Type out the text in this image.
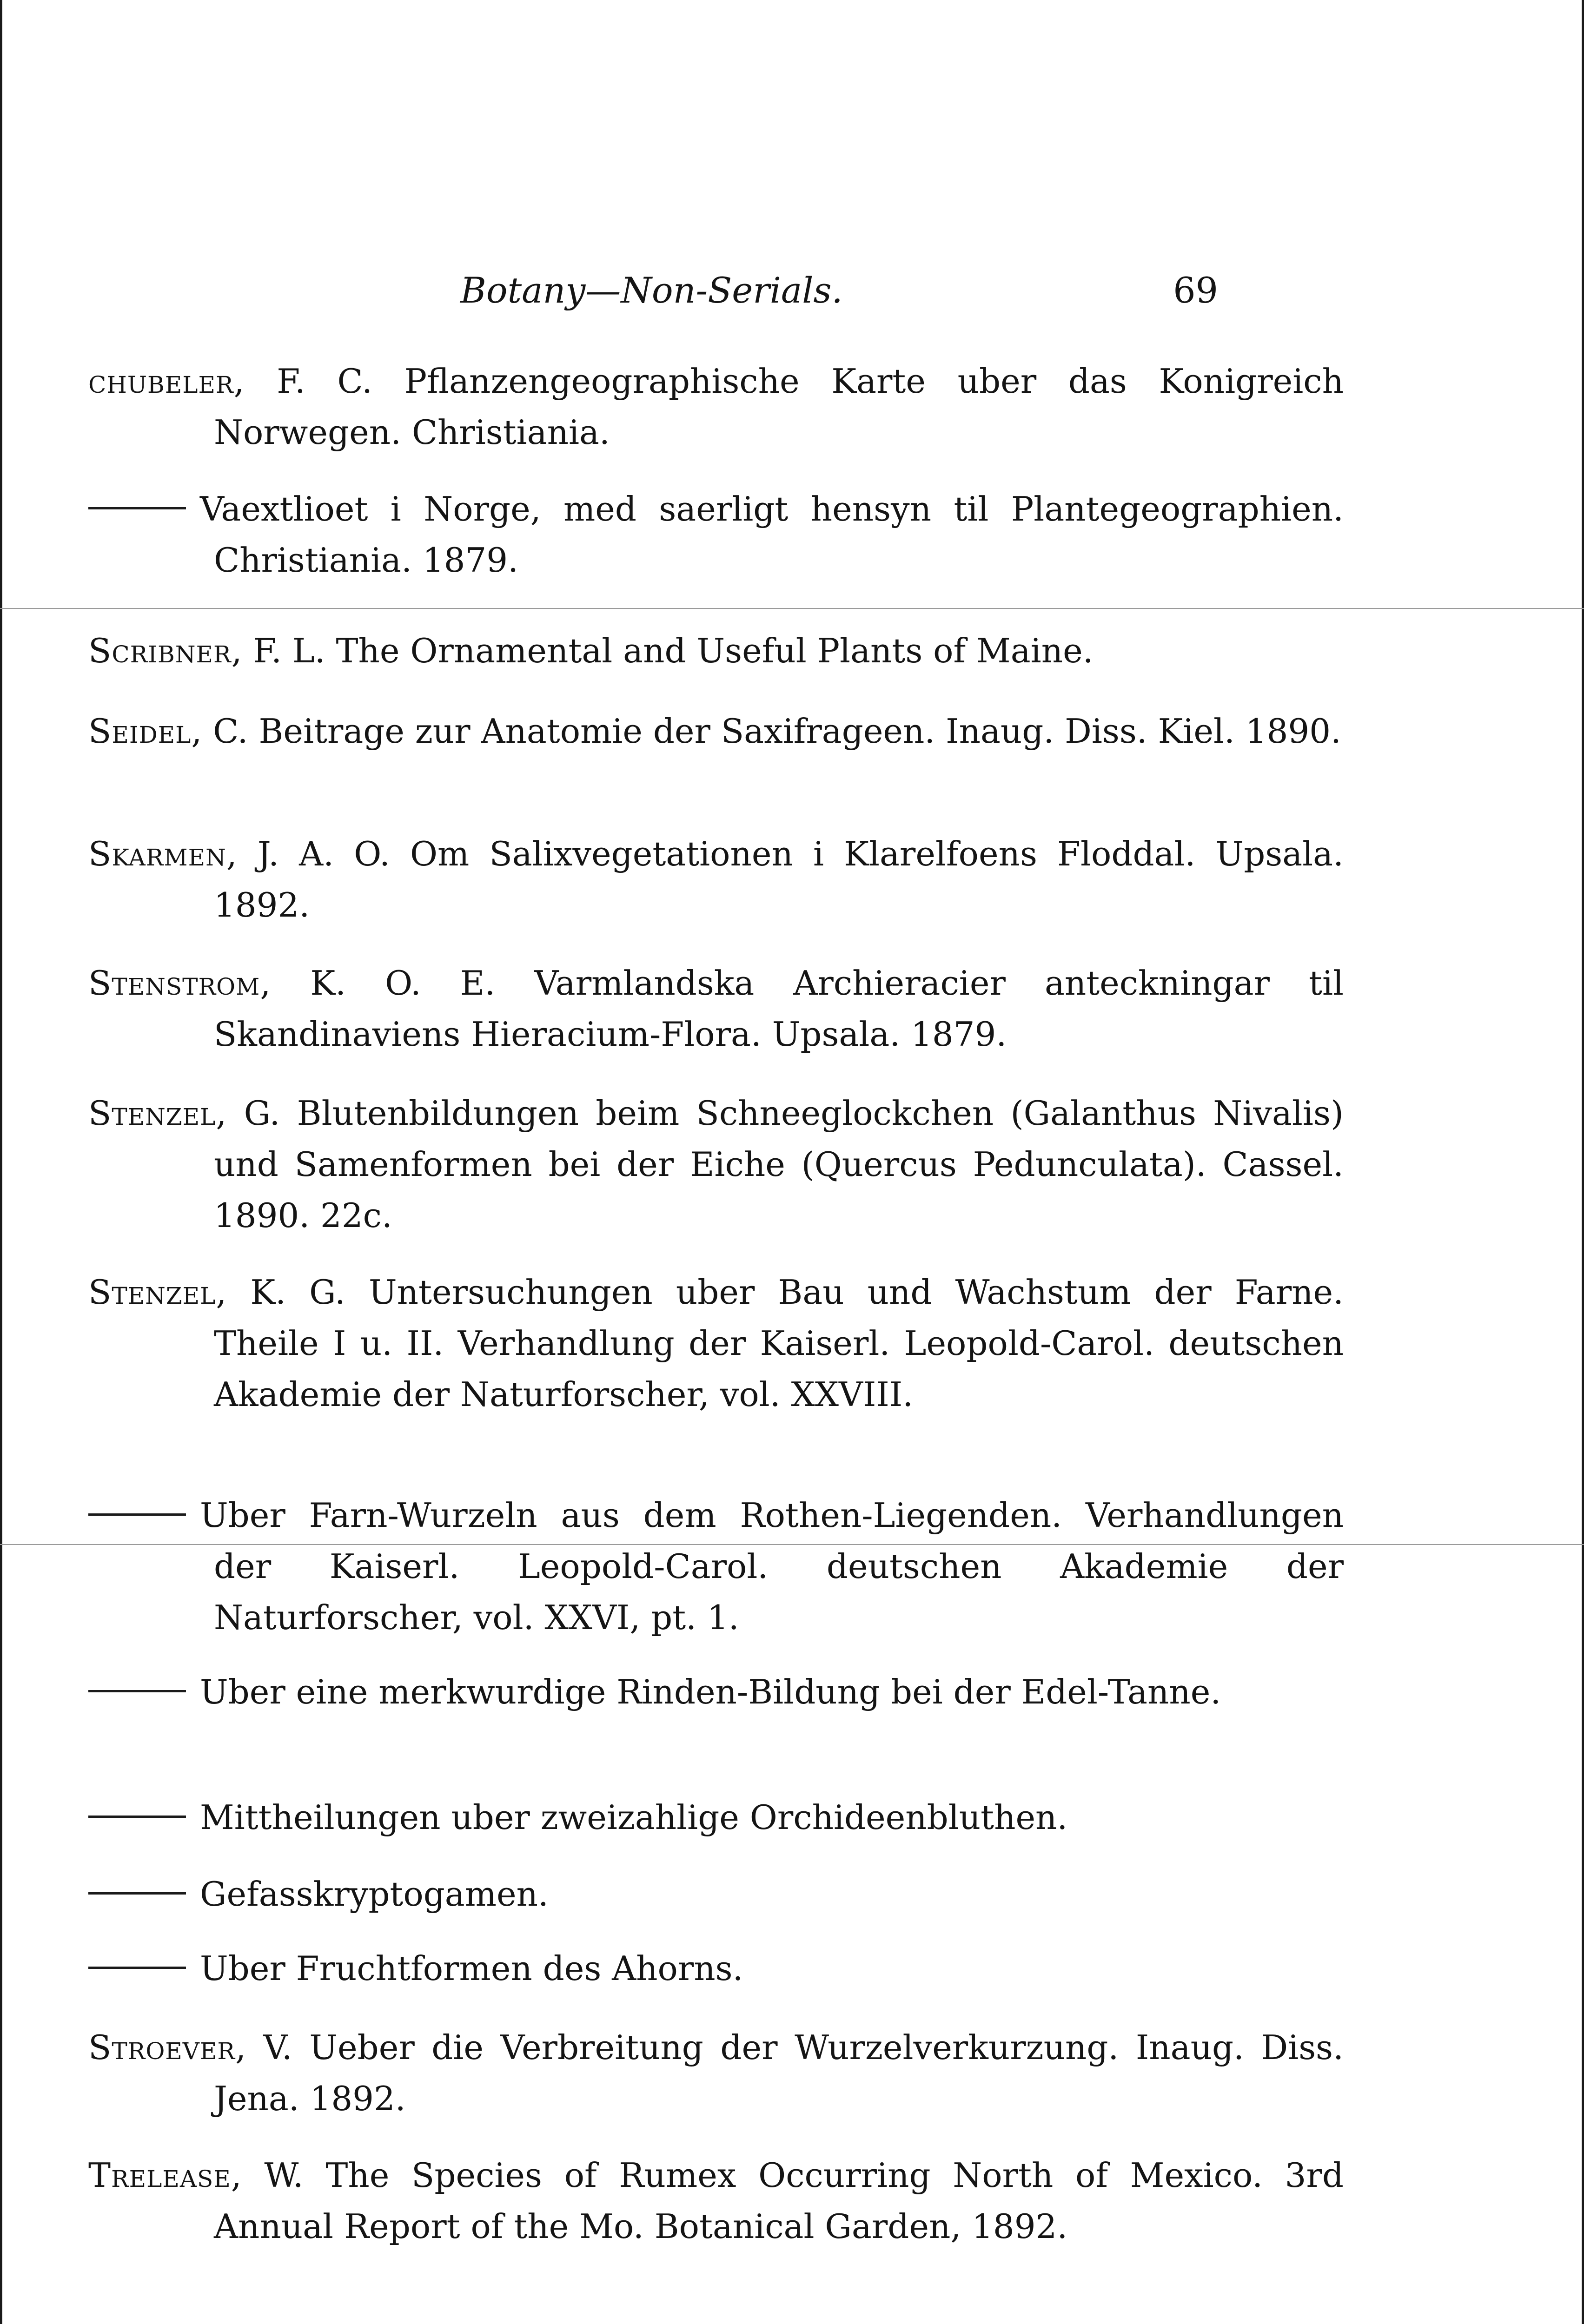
Botany—Non-Serials.	69
chubeler, F. C. Pflanzengeographische Karte uber das Konigreich Norwegen. Christiania.
Vaextlioet i Norge, med saerligt hensyn til Plantegeographien. Christiania. 1879.
Scribner, F. L. The Ornamental and Useful Plants of Maine.
Seidel, C. Beitrage zur Anatomie der Saxifrageen. Inaug. Diss. Kiel. 1890.
Skarmen, J. A. O. Om Salixvegetationen i Klarelfoens Floddal. Upsala. 1892.
Stenstrom, K. O. E. Varmlandska Archieracier anteckningar til Skandinaviens Hieracium-Flora. Upsala. 1879.
Stenzel, G. Blutenbildungen beim Schneeglockchen (Galanthus Nivalis) und Samenformen bei der Eiche (Quercus Pedunculata). Cassel. 1890. 22c.
Stenzel, K. G. Untersuchungen uber Bau und Wachstum der Farne. Theile I u. II. Verhandlung der Kaiserl. Leopold-Carol. deutschen Akademie der Naturforscher, vol. XXVIII.
Uber Farn-Wurzeln aus dem Rothen-Liegenden. Verhandlungen der Kaiserl. Leopold-Carol. deutschen Akademie der Naturforscher, vol. XXVI, pt. 1.
Uber eine merkwurdige Rinden-Bildung bei der Edel-Tanne.
Mittheilungen uber zweizahlige Orchideenbluthen.
Gefasskryptogamen.
Uber Fruchtformen des Ahorns.
Stroever, V. Ueber die Verbreitung der Wurzelverkurzung. Inaug. Diss. Jena. 1892.
Trelease, W. The Species of Rumex Occurring North of Mexico. 3rd Annual Report of the Mo. Botanical Garden, 1892.
